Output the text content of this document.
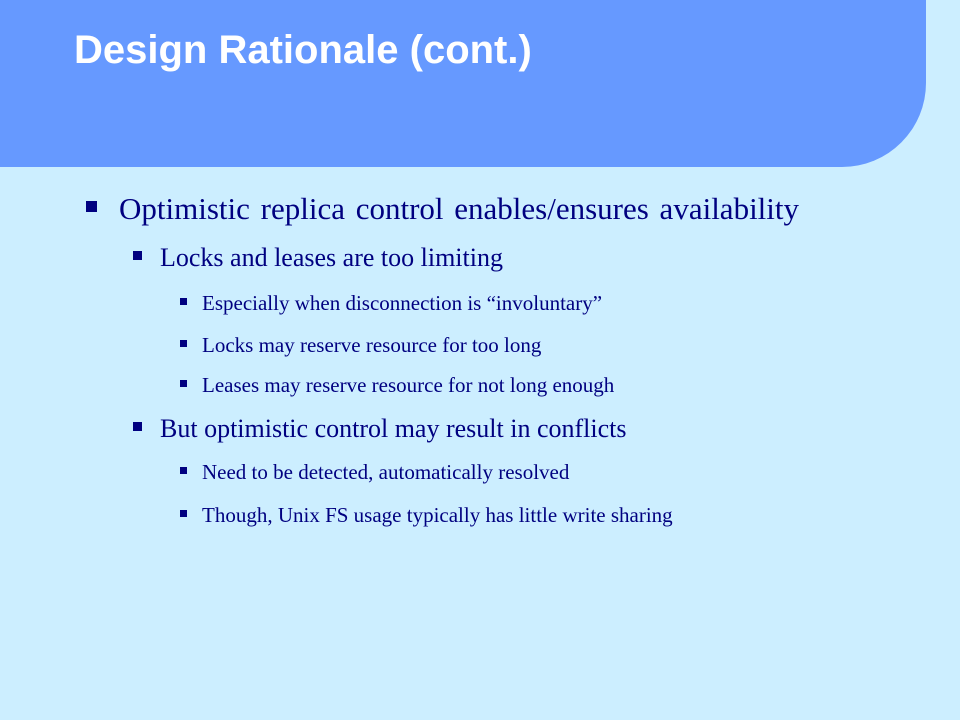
Design Rationale (cont.)
Optimistic replica control enables/ensures availability
Locks and leases are too limiting
Especially when disconnection is “involuntary”
Locks may reserve resource for too long
Leases may reserve resource for not long enough
But optimistic control may result in conflicts
Need to be detected, automatically resolved
Though, Unix FS usage typically has little write sharing
